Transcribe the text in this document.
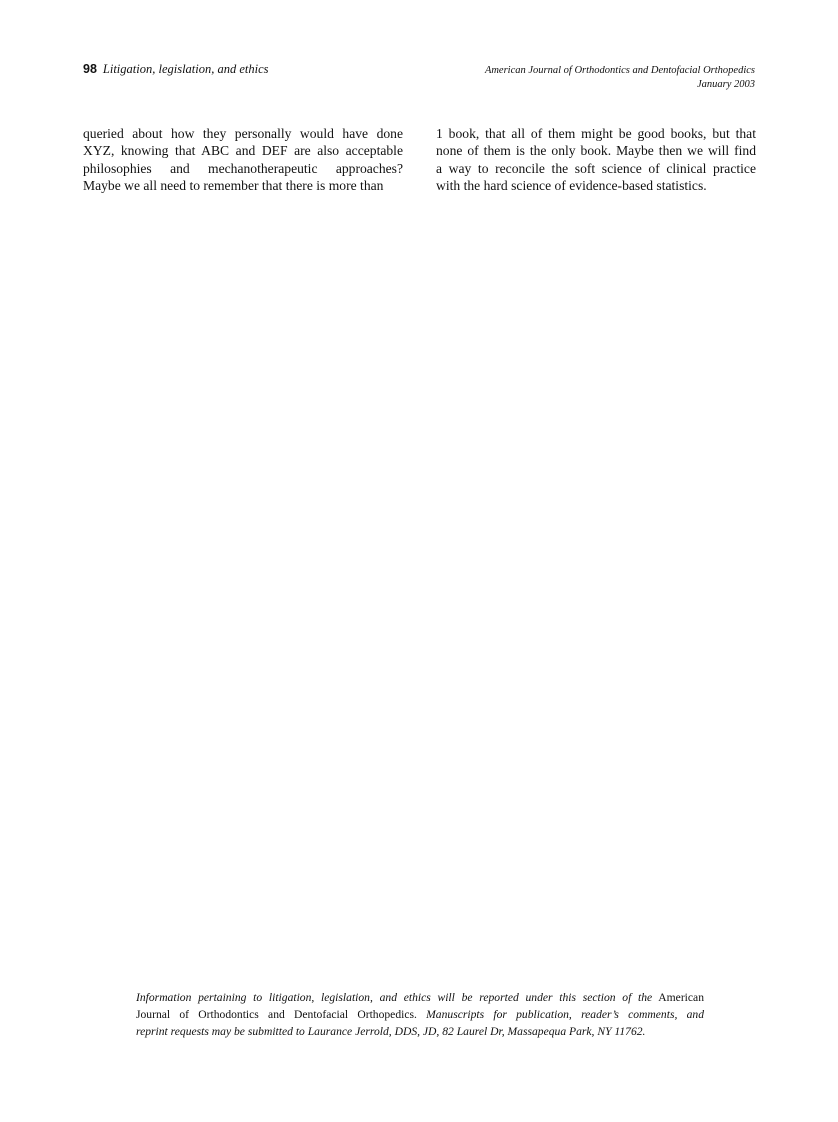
98 Litigation, legislation, and ethics	American Journal of Orthodontics and Dentofacial Orthopedics
January 2003
queried about how they personally would have done
XYZ, knowing that ABC and DEF are also acceptable
philosophies and mechanotherapeutic approaches?
Maybe we all need to remember that there is more than
1 book, that all of them might be good books, but that
none of them is the only book. Maybe then we will find
a way to reconcile the soft science of clinical practice
with the hard science of evidence-based statistics.
Information pertaining to litigation, legislation, and ethics will be reported under this section of the American
Journal of Orthodontics and Dentofacial Orthopedics. Manuscripts for publication, reader’s comments, and
reprint requests may be submitted to Laurance Jerrold, DDS, JD, 82 Laurel Dr, Massapequa Park, NY 11762.
